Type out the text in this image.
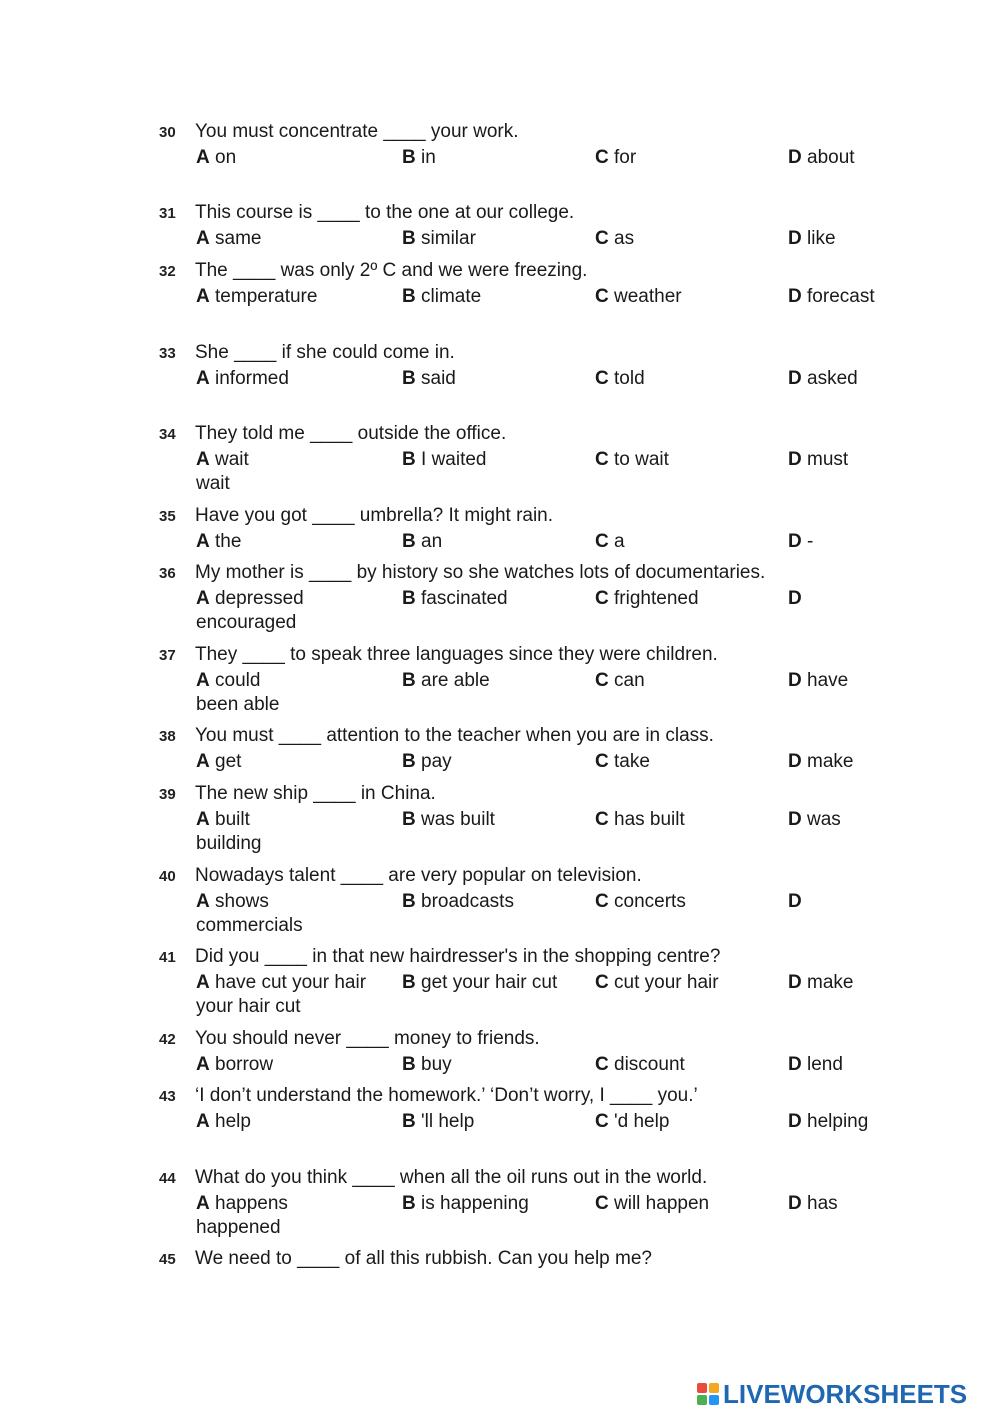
30 You must concentrate ____ your work.
A on	B in	C for	D about
31 This course is ____ to the one at our college.
A same	B similar	C as	D like
32 The ____ was only 2º C and we were freezing.
A temperature	B climate	C weather	D forecast
33 She ____ if she could come in.
A informed	B said	C told	D asked
34 They told me ____ outside the office.
A wait	B I waited	C to wait	D must wait
35 Have you got ____ umbrella? It might rain.
A the	B an	C a	D -
36 My mother is ____ by history so she watches lots of documentaries.
A depressed	B fascinated	C frightened	D encouraged
37 They ____ to speak three languages since they were children.
A could	B are able	C can	D have been able
38 You must ____ attention to the teacher when you are in class.
A get	B pay	C take	D make
39 The new ship ____ in China.
A built	B was built	C has built	D was building
40 Nowadays talent ____ are very popular on television.
A shows	B broadcasts	C concerts	D commercials
41 Did you ____ in that new hairdresser's in the shopping centre?
A have cut your hair	B get your hair cut	C cut your hair	D make your hair cut
42 You should never ____ money to friends.
A borrow	B buy	C discount	D lend
43 ‘I don’t understand the homework.’ ‘Don’t worry, I ____ you.’
A help	B 'll help	C 'd help	D helping
44 What do you think ____ when all the oil runs out in the world.
A happens	B is happening	C will happen	D has happened
45 We need to ____ of all this rubbish. Can you help me?
LIVEWORKSHEETS
